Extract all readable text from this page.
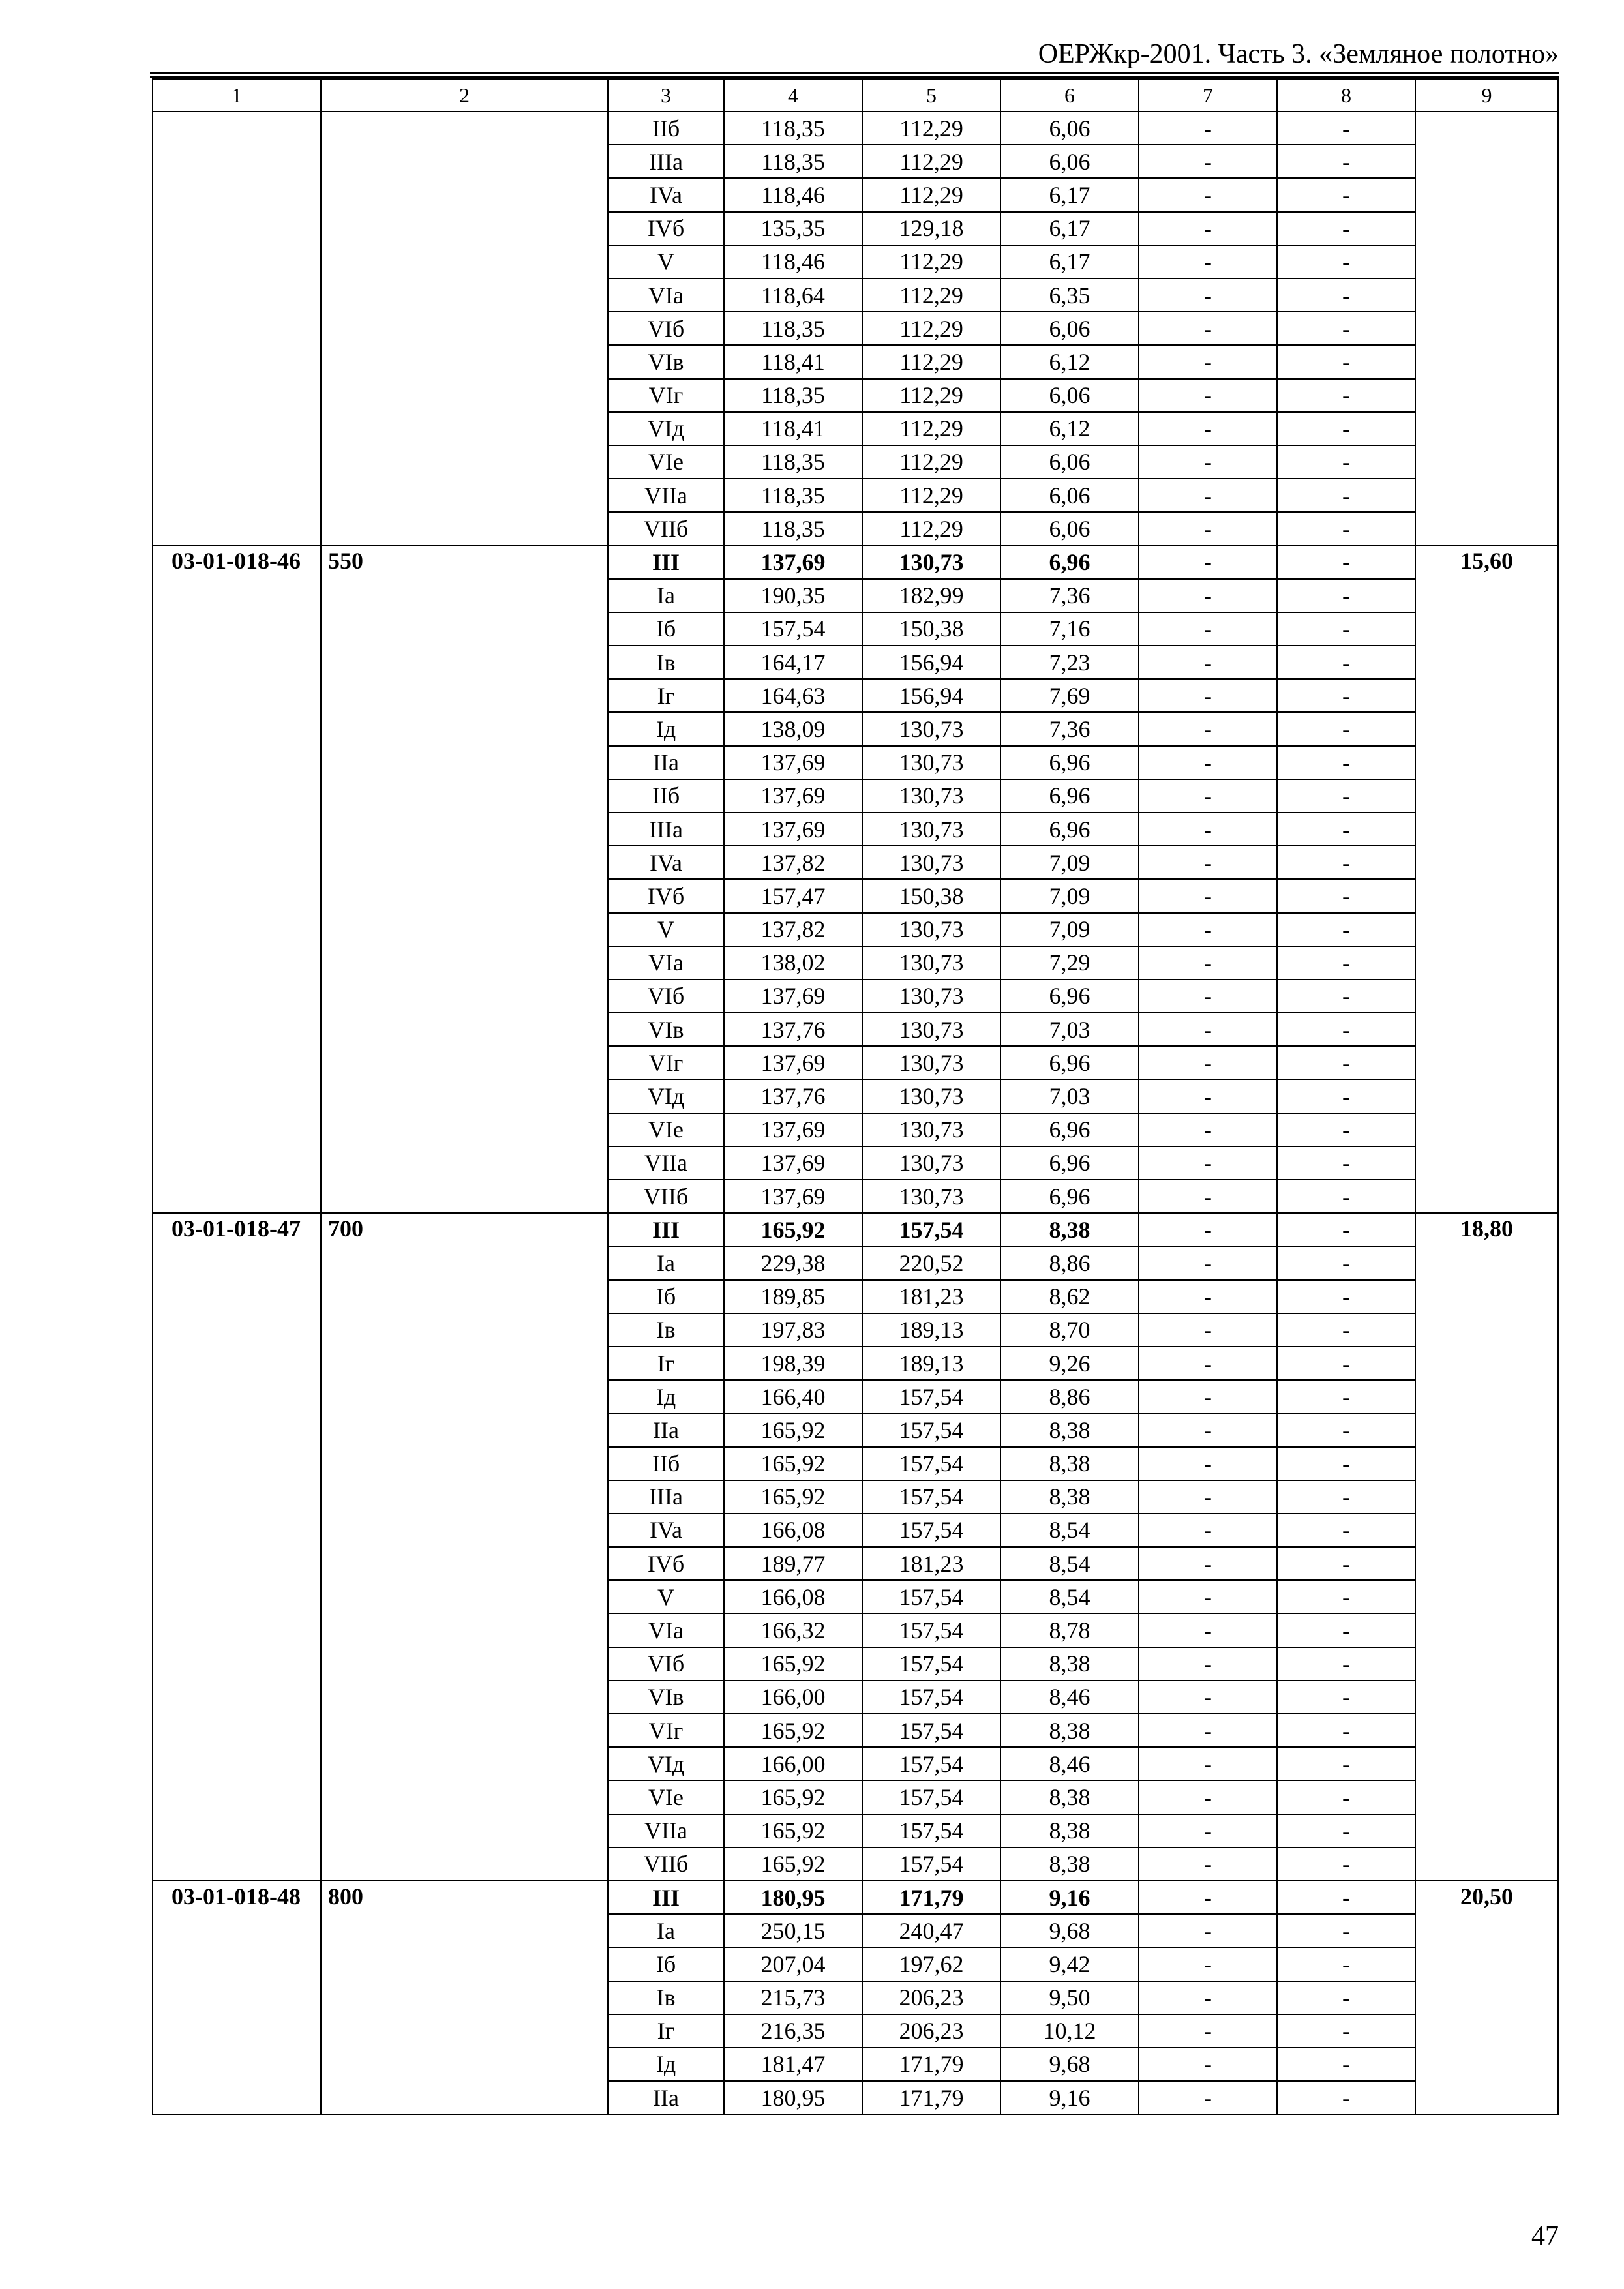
ОЕРЖкр-2001. Часть 3. «Земляное полотно»
1	2	3	4	5	6	7	8	9
		IIб	118,35	112,29	6,06	-	-	
		IIIa	118,35	112,29	6,06	-	-	
		IVa	118,46	112,29	6,17	-	-	
		IVб	135,35	129,18	6,17	-	-	
		V	118,46	112,29	6,17	-	-	
		VIa	118,64	112,29	6,35	-	-	
		VIб	118,35	112,29	6,06	-	-	
		VIв	118,41	112,29	6,12	-	-	
		VIг	118,35	112,29	6,06	-	-	
		VIд	118,41	112,29	6,12	-	-	
		VIe	118,35	112,29	6,06	-	-	
		VIIa	118,35	112,29	6,06	-	-	
		VIIб	118,35	112,29	6,06	-	-	
03-01-018-46	550	III	137,69	130,73	6,96	-	-	15,60
		Ia	190,35	182,99	7,36	-	-	
		Iб	157,54	150,38	7,16	-	-	
		Iв	164,17	156,94	7,23	-	-	
		Iг	164,63	156,94	7,69	-	-	
		Iд	138,09	130,73	7,36	-	-	
		IIa	137,69	130,73	6,96	-	-	
		IIб	137,69	130,73	6,96	-	-	
		IIIa	137,69	130,73	6,96	-	-	
		IVa	137,82	130,73	7,09	-	-	
		IVб	157,47	150,38	7,09	-	-	
		V	137,82	130,73	7,09	-	-	
		VIa	138,02	130,73	7,29	-	-	
		VIб	137,69	130,73	6,96	-	-	
		VIв	137,76	130,73	7,03	-	-	
		VIг	137,69	130,73	6,96	-	-	
		VIд	137,76	130,73	7,03	-	-	
		VIe	137,69	130,73	6,96	-	-	
		VIIa	137,69	130,73	6,96	-	-	
		VIIб	137,69	130,73	6,96	-	-	
03-01-018-47	700	III	165,92	157,54	8,38	-	-	18,80
		Ia	229,38	220,52	8,86	-	-	
		Iб	189,85	181,23	8,62	-	-	
		Iв	197,83	189,13	8,70	-	-	
		Iг	198,39	189,13	9,26	-	-	
		Iд	166,40	157,54	8,86	-	-	
		IIa	165,92	157,54	8,38	-	-	
		IIб	165,92	157,54	8,38	-	-	
		IIIa	165,92	157,54	8,38	-	-	
		IVa	166,08	157,54	8,54	-	-	
		IVб	189,77	181,23	8,54	-	-	
		V	166,08	157,54	8,54	-	-	
		VIa	166,32	157,54	8,78	-	-	
		VIб	165,92	157,54	8,38	-	-	
		VIв	166,00	157,54	8,46	-	-	
		VIг	165,92	157,54	8,38	-	-	
		VIд	166,00	157,54	8,46	-	-	
		VIe	165,92	157,54	8,38	-	-	
		VIIa	165,92	157,54	8,38	-	-	
		VIIб	165,92	157,54	8,38	-	-	
03-01-018-48	800	III	180,95	171,79	9,16	-	-	20,50
		Ia	250,15	240,47	9,68	-	-	
		Iб	207,04	197,62	9,42	-	-	
		Iв	215,73	206,23	9,50	-	-	
		Iг	216,35	206,23	10,12	-	-	
		Iд	181,47	171,79	9,68	-	-	
		IIa	180,95	171,79	9,16	-	-	
47
